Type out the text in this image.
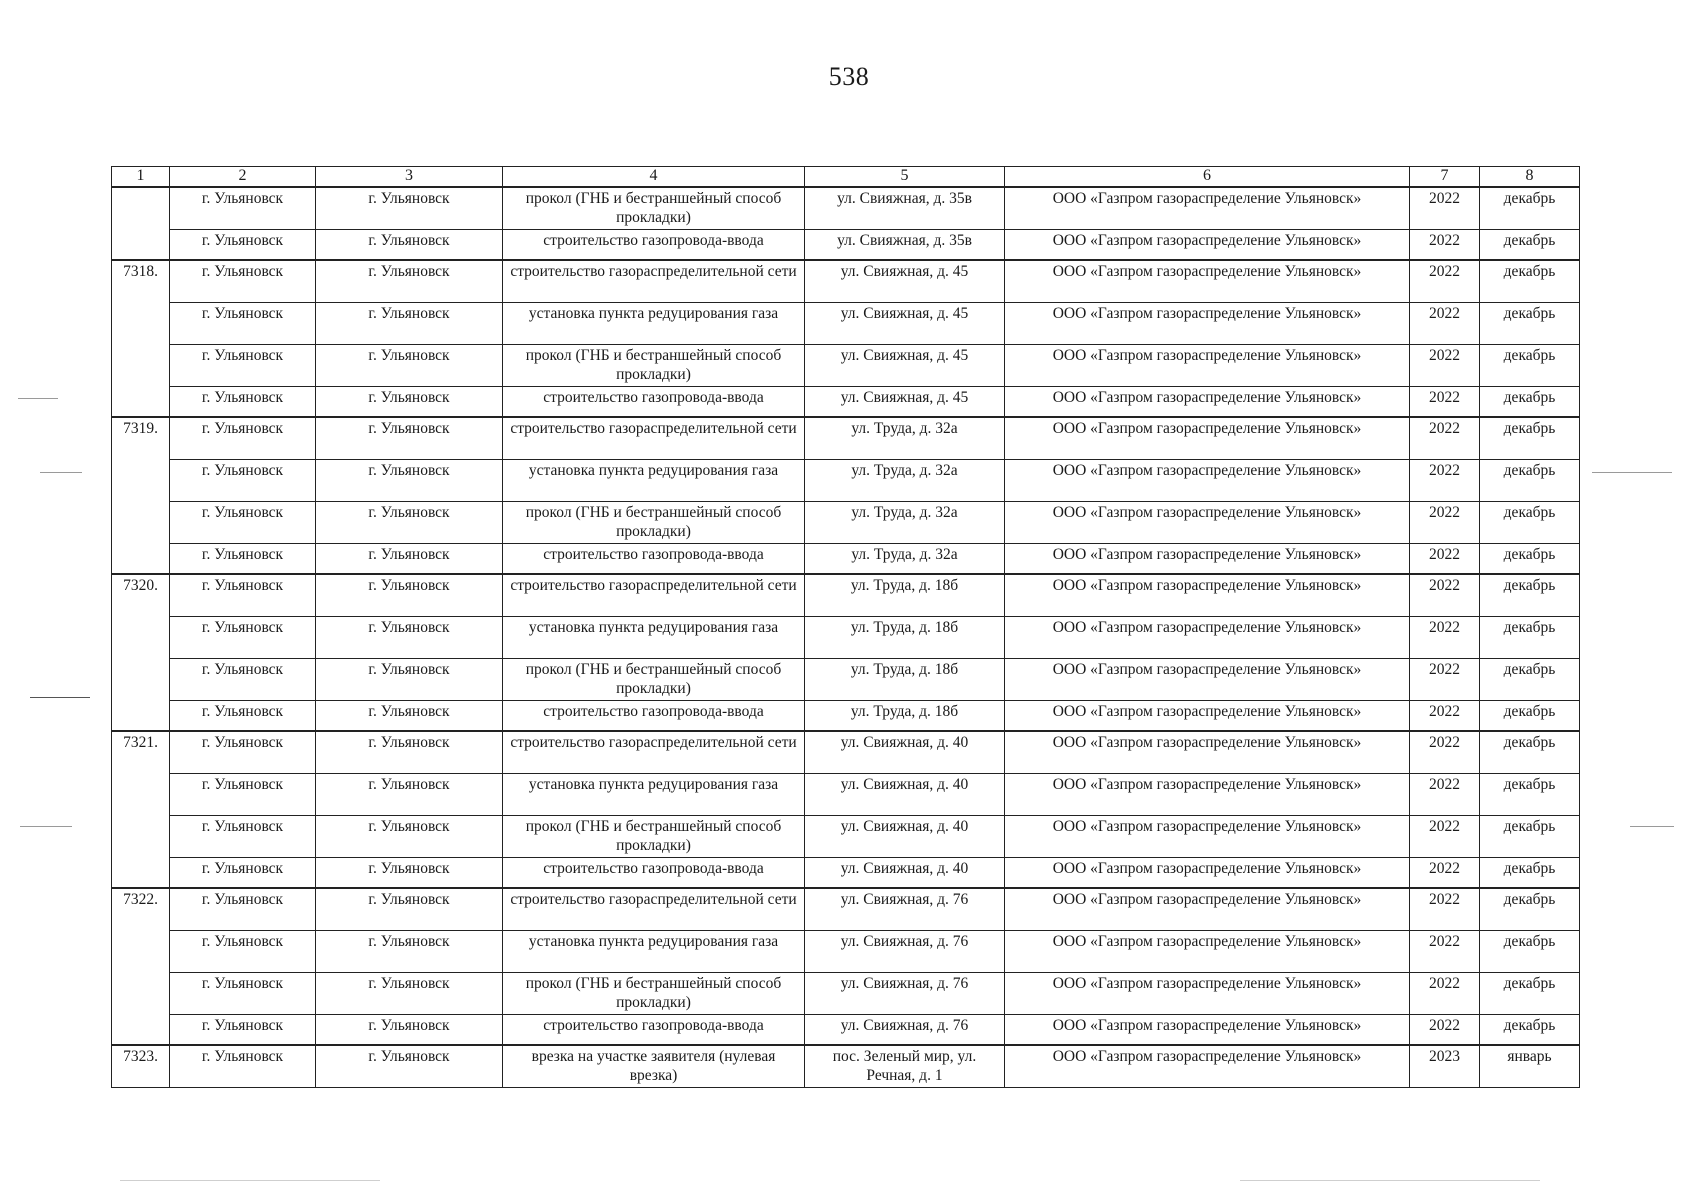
538
1	2	3	4	5	6	7	8
	г. Ульяновск	г. Ульяновск	прокол (ГНБ и бестраншейный способ прокладки)	ул. Свияжная, д. 35в	ООО «Газпром газораспределение Ульяновск»	2022	декабрь
	г. Ульяновск	г. Ульяновск	строительство газопровода-ввода	ул. Свияжная, д. 35в	ООО «Газпром газораспределение Ульяновск»	2022	декабрь
7318.	г. Ульяновск	г. Ульяновск	строительство газораспределительной сети	ул. Свияжная, д. 45	ООО «Газпром газораспределение Ульяновск»	2022	декабрь
	г. Ульяновск	г. Ульяновск	установка пункта редуцирования газа	ул. Свияжная, д. 45	ООО «Газпром газораспределение Ульяновск»	2022	декабрь
	г. Ульяновск	г. Ульяновск	прокол (ГНБ и бестраншейный способ прокладки)	ул. Свияжная, д. 45	ООО «Газпром газораспределение Ульяновск»	2022	декабрь
	г. Ульяновск	г. Ульяновск	строительство газопровода-ввода	ул. Свияжная, д. 45	ООО «Газпром газораспределение Ульяновск»	2022	декабрь
7319.	г. Ульяновск	г. Ульяновск	строительство газораспределительной сети	ул. Труда, д. 32а	ООО «Газпром газораспределение Ульяновск»	2022	декабрь
	г. Ульяновск	г. Ульяновск	установка пункта редуцирования газа	ул. Труда, д. 32а	ООО «Газпром газораспределение Ульяновск»	2022	декабрь
	г. Ульяновск	г. Ульяновск	прокол (ГНБ и бестраншейный способ прокладки)	ул. Труда, д. 32а	ООО «Газпром газораспределение Ульяновск»	2022	декабрь
	г. Ульяновск	г. Ульяновск	строительство газопровода-ввода	ул. Труда, д. 32а	ООО «Газпром газораспределение Ульяновск»	2022	декабрь
7320.	г. Ульяновск	г. Ульяновск	строительство газораспределительной сети	ул. Труда, д. 18б	ООО «Газпром газораспределение Ульяновск»	2022	декабрь
	г. Ульяновск	г. Ульяновск	установка пункта редуцирования газа	ул. Труда, д. 18б	ООО «Газпром газораспределение Ульяновск»	2022	декабрь
	г. Ульяновск	г. Ульяновск	прокол (ГНБ и бестраншейный способ прокладки)	ул. Труда, д. 18б	ООО «Газпром газораспределение Ульяновск»	2022	декабрь
	г. Ульяновск	г. Ульяновск	строительство газопровода-ввода	ул. Труда, д. 18б	ООО «Газпром газораспределение Ульяновск»	2022	декабрь
7321.	г. Ульяновск	г. Ульяновск	строительство газораспределительной сети	ул. Свияжная, д. 40	ООО «Газпром газораспределение Ульяновск»	2022	декабрь
	г. Ульяновск	г. Ульяновск	установка пункта редуцирования газа	ул. Свияжная, д. 40	ООО «Газпром газораспределение Ульяновск»	2022	декабрь
	г. Ульяновск	г. Ульяновск	прокол (ГНБ и бестраншейный способ прокладки)	ул. Свияжная, д. 40	ООО «Газпром газораспределение Ульяновск»	2022	декабрь
	г. Ульяновск	г. Ульяновск	строительство газопровода-ввода	ул. Свияжная, д. 40	ООО «Газпром газораспределение Ульяновск»	2022	декабрь
7322.	г. Ульяновск	г. Ульяновск	строительство газораспределительной сети	ул. Свияжная, д. 76	ООО «Газпром газораспределение Ульяновск»	2022	декабрь
	г. Ульяновск	г. Ульяновск	установка пункта редуцирования газа	ул. Свияжная, д. 76	ООО «Газпром газораспределение Ульяновск»	2022	декабрь
	г. Ульяновск	г. Ульяновск	прокол (ГНБ и бестраншейный способ прокладки)	ул. Свияжная, д. 76	ООО «Газпром газораспределение Ульяновск»	2022	декабрь
	г. Ульяновск	г. Ульяновск	строительство газопровода-ввода	ул. Свияжная, д. 76	ООО «Газпром газораспределение Ульяновск»	2022	декабрь
7323.	г. Ульяновск	г. Ульяновск	врезка на участке заявителя (нулевая врезка)	пос. Зеленый мир, ул. Речная, д. 1	ООО «Газпром газораспределение Ульяновск»	2023	январь
